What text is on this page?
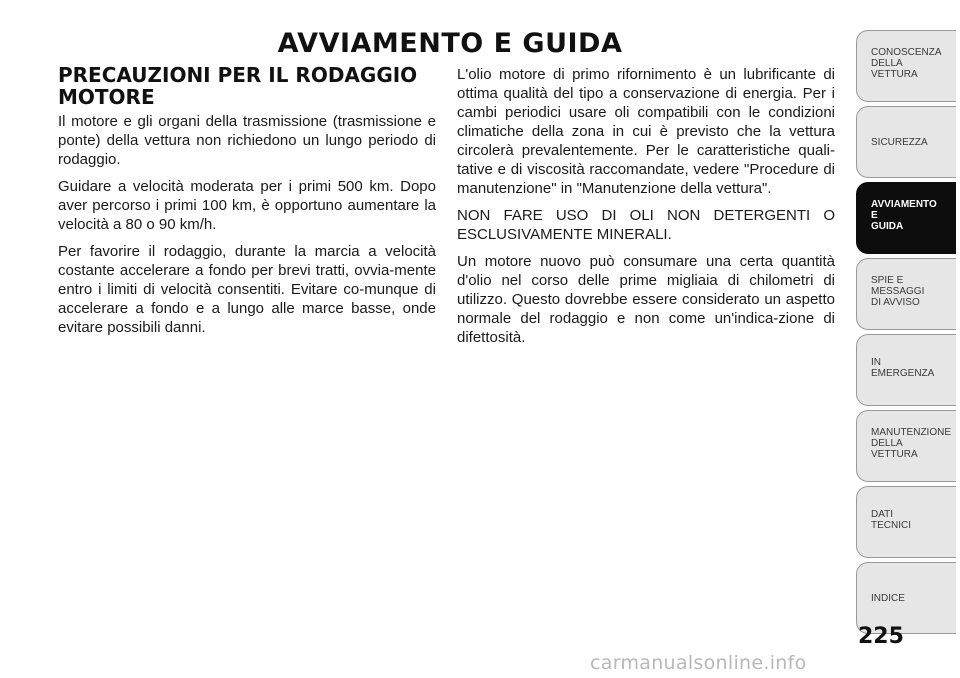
AVVIAMENTO E GUIDA
PRECAUZIONI PER IL RODAGGIO MOTORE

Il motore e gli organi della trasmissione (trasmissione e ponte) della vettura non richiedono un lungo periodo di rodaggio.

Guidare a velocità moderata per i primi 500 km. Dopo aver percorso i primi 100 km, è opportuno aumentare la velocità a 80 o 90 km/h.

Per favorire il rodaggio, durante la marcia a velocità costante accelerare a fondo per brevi tratti, ovvia-mente entro i limiti di velocità consentiti. Evitare co-munque di accelerare a fondo e a lungo alle marce basse, onde evitare possibili danni.

L'olio motore di primo rifornimento è un lubrificante di ottima qualità del tipo a conservazione di energia. Per i cambi periodici usare oli compatibili con le condizioni climatiche della zona in cui è previsto che la vettura circolerà prevalentemente. Per le caratteristiche quali-tative e di viscosità raccomandate, vedere "Procedure di manutenzione" in "Manutenzione della vettura".

NON FARE USO DI OLI NON DETERGENTI O ESCLUSIVAMENTE MINERALI.

Un motore nuovo può consumare una certa quantità d'olio nel corso delle prime migliaia di chilometri di utilizzo. Questo dovrebbe essere considerato un aspetto normale del rodaggio e non come un'indica-zione di difettosità.

CONOSCENZA
DELLA
VETTURA
SICUREZZA
AVVIAMENTO
E
GUIDA
SPIE E
MESSAGGI
DI AVVISO
IN
EMERGENZA
MANUTENZIONE
DELLA
VETTURA
DATI
TECNICI
INDICE
225
carmanualsonline.info
